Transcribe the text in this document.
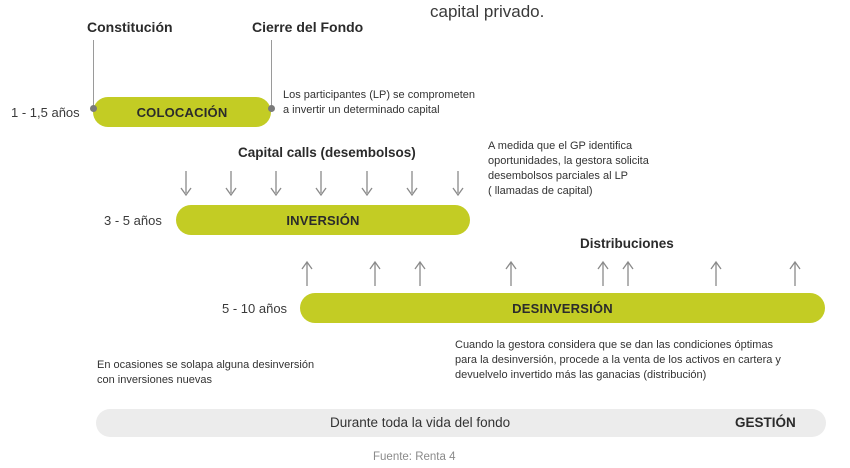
capital privado.
Constitución	Cierre del Fondo
1 - 1,5 años	COLOCACIÓN
Los participantes (LP) se comprometen
a invertir un determinado capital
Capital calls (desembolsos)	A medida que el GP identifica
oportunidades, la gestora solicita
desembolsos parciales al LP
( llamadas de capital)
3 - 5 años	INVERSIÓN
Distribuciones
5 - 10 años	DESINVERSIÓN
Cuando la gestora considera que se dan las condiciones óptimas
para la desinversión, procede a la venta de los activos en cartera y
devuelvelo invertido más las ganacias (distribución)
En ocasiones se solapa alguna desinversión
con inversiones nuevas
Durante toda la vida del fondo	GESTIÓN
Fuente: Renta 4
